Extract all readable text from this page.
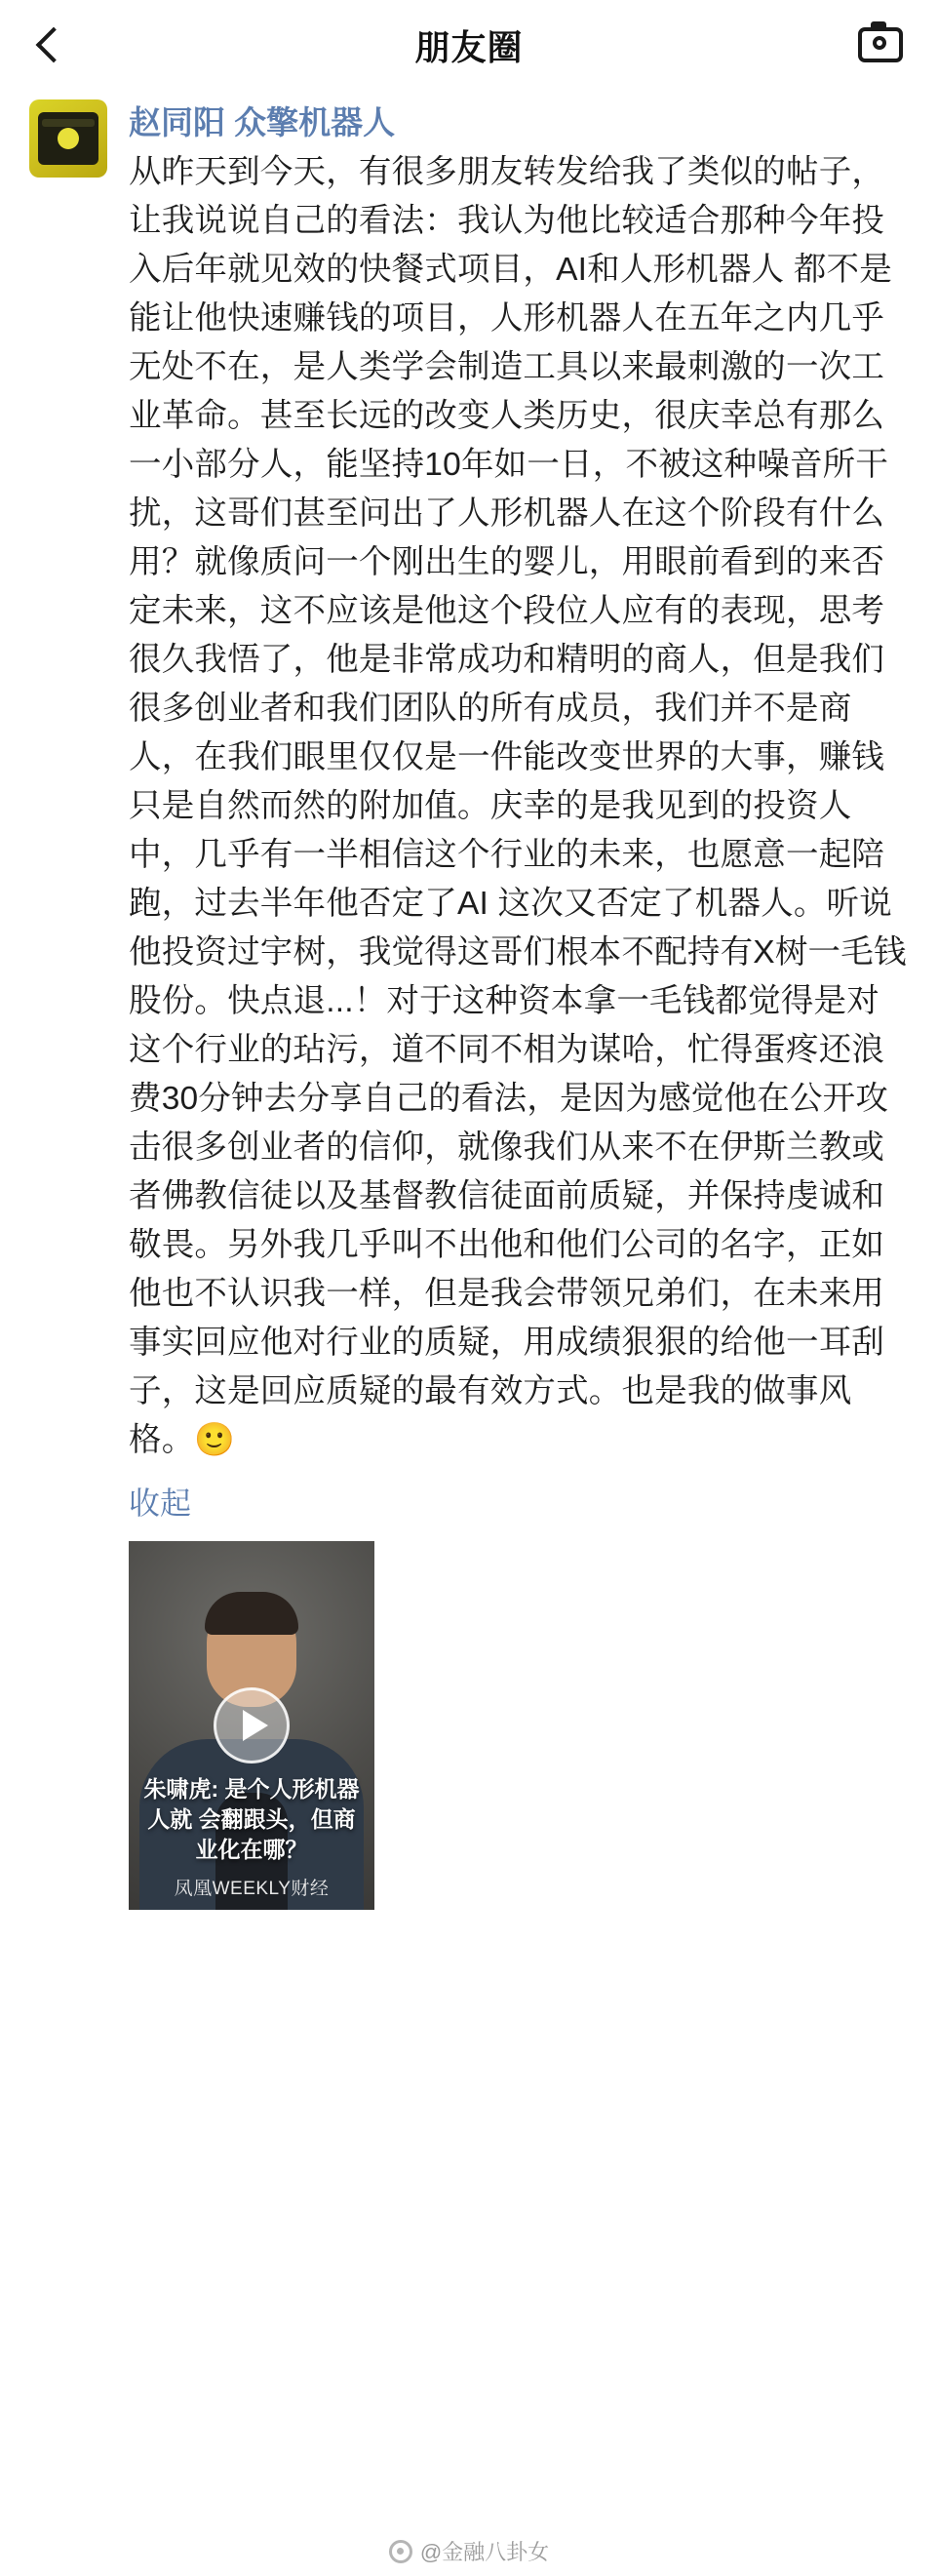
朋友圈
赵同阳 众擎机器人
从昨天到今天，有很多朋友转发给我了类似的帖子，让我说说自己的看法：我认为他比较适合那种今年投入后年就见效的快餐式项目，AI和人形机器人 都不是能让他快速赚钱的项目，人形机器人在五年之内几乎无处不在，是人类学会制造工具以来最刺激的一次工业革命。甚至长远的改变人类历史，很庆幸总有那么一小部分人，能坚持10年如一日，不被这种噪音所干扰，这哥们甚至问出了人形机器人在这个阶段有什么用？就像质问一个刚出生的婴儿，用眼前看到的来否定未来，这不应该是他这个段位人应有的表现，思考很久我悟了，他是非常成功和精明的商人，但是我们很多创业者和我们团队的所有成员，我们并不是商人，在我们眼里仅仅是一件能改变世界的大事，赚钱只是自然而然的附加值。庆幸的是我见到的投资人中，几乎有一半相信这个行业的未来，也愿意一起陪跑，过去半年他否定了AI 这次又否定了机器人。听说他投资过宇树，我觉得这哥们根本不配持有X树一毛钱股份。快点退...！对于这种资本拿一毛钱都觉得是对这个行业的玷污，道不同不相为谋哈，忙得蛋疼还浪费30分钟去分享自己的看法，是因为感觉他在公开攻击很多创业者的信仰，就像我们从来不在伊斯兰教或者佛教信徒以及基督教信徒面前质疑，并保持虔诚和敬畏。另外我几乎叫不出他和他们公司的名字，正如他也不认识我一样，但是我会带领兄弟们，在未来用事实回应他对行业的质疑，用成绩狠狠的给他一耳刮子，这是回应质疑的最有效方式。也是我的做事风格。🙂
收起
朱啸虎: 是个人形机器人就 会翻跟头，但商业化在哪？
凤凰WEEKLY财经
@金融八卦女
